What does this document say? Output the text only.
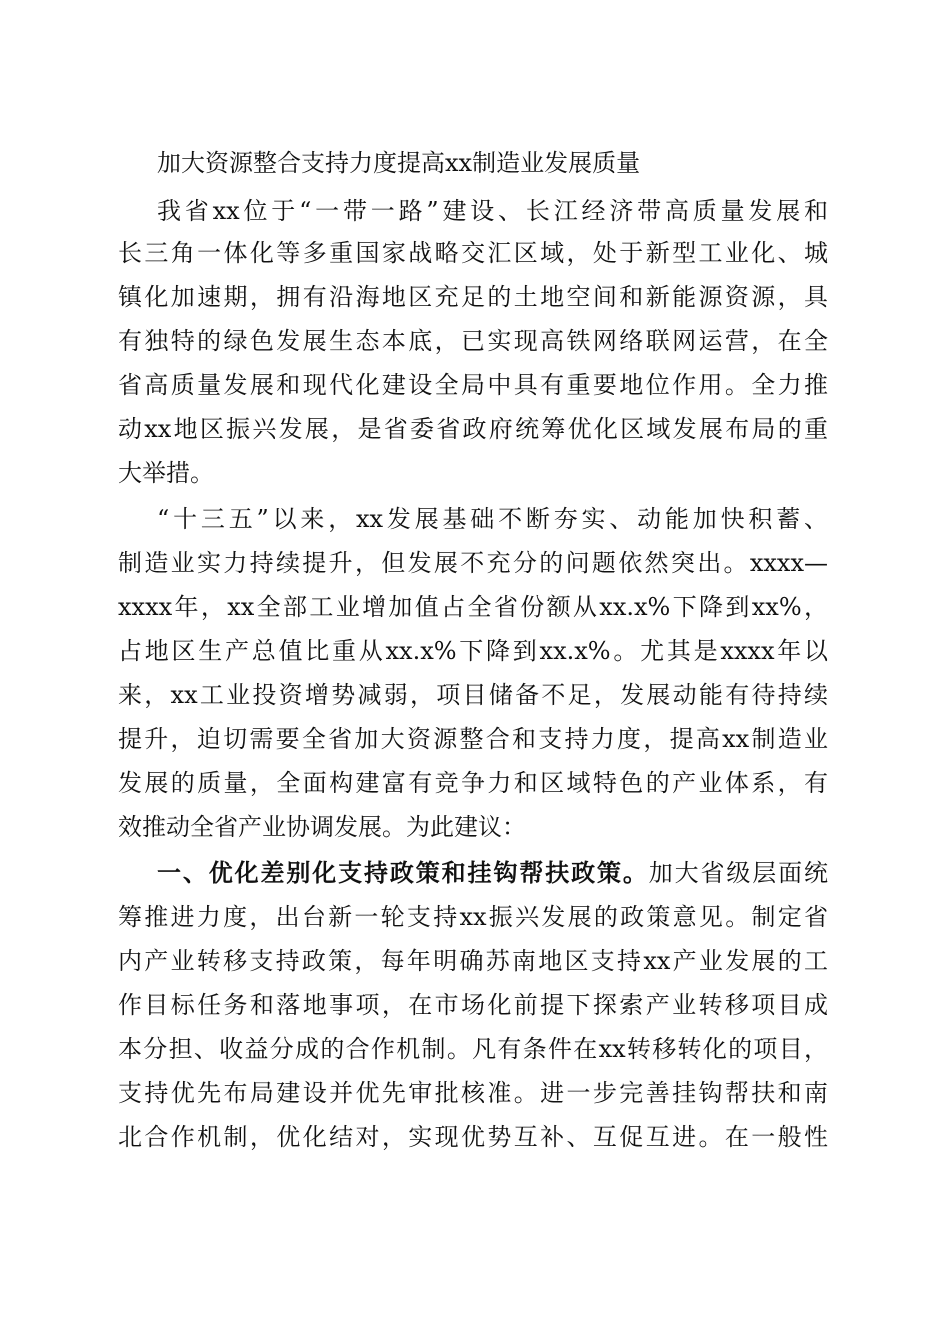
加大资源整合支持力度提高xx制造业发展质量
我省xx位于“一带一路”建设、长江经济带高质量发展和
长三角一体化等多重国家战略交汇区域，处于新型工业化、城
镇化加速期，拥有沿海地区充足的土地空间和新能源资源，具
有独特的绿色发展生态本底，已实现高铁网络联网运营，在全
省高质量发展和现代化建设全局中具有重要地位作用。全力推
动xx地区振兴发展，是省委省政府统筹优化区域发展布局的重
大举措。
“十三五”以来，xx发展基础不断夯实、动能加快积蓄、
制造业实力持续提升，但发展不充分的问题依然突出。xxxx—
xxxx年，xx全部工业增加值占全省份额从xx.x%下降到xx%，
占地区生产总值比重从xx.x%下降到xx.x%。尤其是xxxx年以
来，xx工业投资增势减弱，项目储备不足，发展动能有待持续
提升，迫切需要全省加大资源整合和支持力度，提高xx制造业
发展的质量，全面构建富有竞争力和区域特色的产业体系，有
效推动全省产业协调发展。为此建议：
一、优化差别化支持政策和挂钩帮扶政策。加大省级层面统
筹推进力度，出台新一轮支持xx振兴发展的政策意见。制定省
内产业转移支持政策，每年明确苏南地区支持xx产业发展的工
作目标任务和落地事项，在市场化前提下探索产业转移项目成
本分担、收益分成的合作机制。凡有条件在xx转移转化的项目，
支持优先布局建设并优先审批核准。进一步完善挂钩帮扶和南
北合作机制，优化结对，实现优势互补、互促互进。在一般性
